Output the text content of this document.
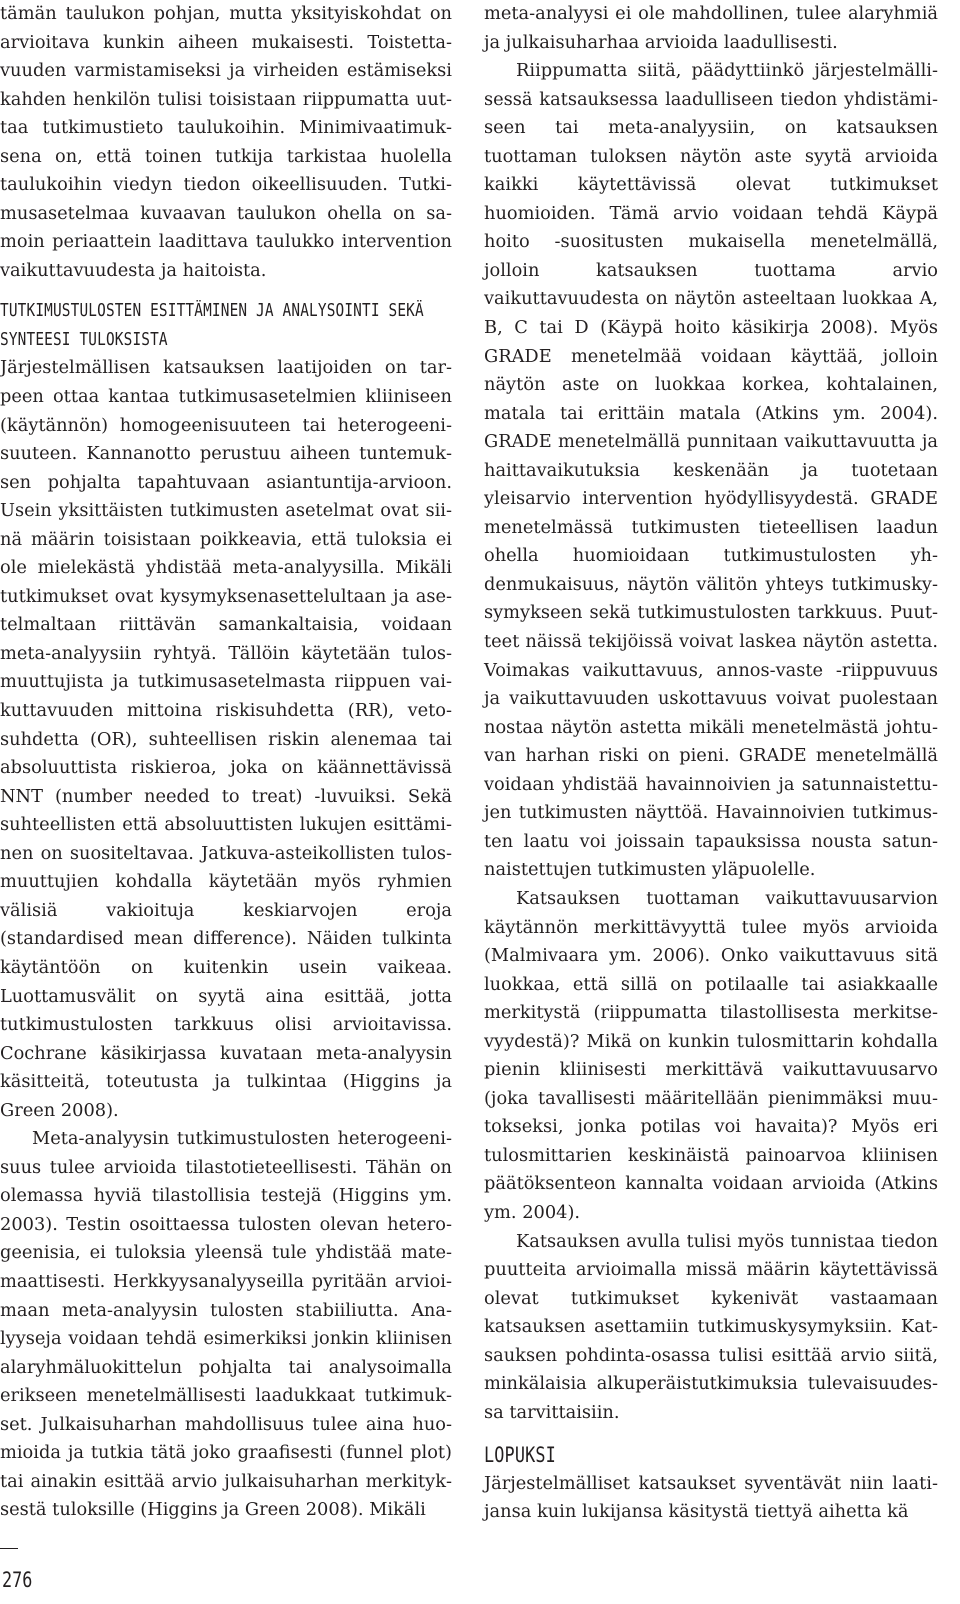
tämän taulukon pohjan, mutta yksityiskohdat on arvioitava kunkin aiheen mukaisesti. Toistettavuuden varmistamiseksi ja virheiden estämiseksi kahden henkilön tulisi toisistaan riippumatta uuttaa tutkimustieto taulukoihin. Minimivaatimuksena on, että toinen tutkija tarkistaa huolella taulukoihin viedyn tiedon oikeellisuuden. Tutkimusasetelmaa kuvaavan taulukon ohella on samoin periaattein laadittava taulukko intervention vaikuttavuudesta ja haitoista.

TUTKIMUSTULOSTEN ESITTÄMINEN JA ANALYSOINTI SEKÄ SYNTEESI TULOKSISTA

Järjestelmällisen katsauksen laatijoiden on tarpeen ottaa kantaa tutkimusasetelmien kliiniseen (käytännön) homogeenisuuteen tai heterogeenisuuteen. Kannanotto perustuu aiheen tuntemuksen pohjalta tapahtuvaan asiantuntija-arvioon. Usein yksittäisten tutkimusten asetelmat ovat siinä määrin toisistaan poikkeavia, että tuloksia ei ole mielekästä yhdistää meta-analyysilla. Mikäli tutkimukset ovat kysymyksenasettelultaan ja asetelmaltaan riittävän samankaltaisia, voidaan meta-analyysiin ryhtyä. Tällöin käytetään tulosmuuttujista ja tutkimusasetelmasta riippuen vaikuttavuuden mittoina riskisuhdetta (RR), vetosuhdetta (OR), suhteellisen riskin alenemaa tai absoluuttista riskieroa, joka on käännettävissä NNT (number needed to treat) -luvuiksi. Sekä suhteellisten että absoluuttisten lukujen esittäminen on suositeltavaa. Jatkuva-asteikollisten tulosmuuttujien kohdalla käytetään myös ryhmien välisiä vakioituja keskiarvojen eroja (standardised mean difference). Näiden tulkinta käytäntöön on kuitenkin usein vaikeaa. Luottamusvälit on syytä aina esittää, jotta tutkimustulosten tarkkuus olisi arvioitavissa. Cochrane käsikirjassa kuvataan meta-analyysin käsitteitä, toteutusta ja tulkintaa (Higgins ja Green 2008).

Meta-analyysin tutkimustulosten heterogeenisuus tulee arvioida tilastotieteellisesti. Tähän on olemassa hyviä tilastollisia testejä (Higgins ym. 2003). Testin osoittaessa tulosten olevan heterogeenisia, ei tuloksia yleensä tule yhdistää matemaattisesti. Herkkyysanalyyseilla pyritään arvioimaan meta-analyysin tulosten stabiiliutta. Analyyseja voidaan tehdä esimerkiksi jonkin kliinisen alaryhmäluokittelun pohjalta tai analysoimalla erikseen menetelmällisesti laadukkaat tutkimukset. Julkaisuharhan mahdollisuus tulee aina huomioida ja tutkia tätä joko graafisesti (funnel plot) tai ainakin esittää arvio julkaisuharhan merkityksestä tuloksille (Higgins ja Green 2008). Mikäli

meta-analyysi ei ole mahdollinen, tulee alaryhmiä ja julkaisuharhaa arvioida laadullisesti.

Riippumatta siitä, päädyttiinkö järjestelmällisessä katsauksessa laadulliseen tiedon yhdistämiseen tai meta-analyysiin, on katsauksen tuottaman tuloksen näytön aste syytä arvioida kaikki käytettävissä olevat tutkimukset huomioiden. Tämä arvio voidaan tehdä Käypä hoito -suositusten mukaisella menetelmällä, jolloin katsauksen tuottama arvio vaikuttavuudesta on näytön asteeltaan luokkaa A, B, C tai D (Käypä hoito käsikirja 2008). Myös GRADE menetelmää voidaan käyttää, jolloin näytön aste on luokkaa korkea, kohtalainen, matala tai erittäin matala (Atkins ym. 2004). GRADE menetelmällä punnitaan vaikuttavuutta ja haittavaikutuksia keskenään ja tuotetaan yleisarvio intervention hyödyllisyydestä. GRADE menetelmässä tutkimusten tieteellisen laadun ohella huomioidaan tutkimustulosten yhdenmukaisuus, näytön välitön yhteys tutkimuskysymykseen sekä tutkimustulosten tarkkuus. Puutteet näissä tekijöissä voivat laskea näytön astetta. Voimakas vaikuttavuus, annos-vaste -riippuvuus ja vaikuttavuuden uskottavuus voivat puolestaan nostaa näytön astetta mikäli menetelmästä johtuvan harhan riski on pieni. GRADE menetelmällä voidaan yhdistää havainnoivien ja satunnaistettujen tutkimusten näyttöä. Havainnoivien tutkimusten laatu voi joissain tapauksissa nousta satunnaistettujen tutkimusten yläpuolelle.

Katsauksen tuottaman vaikuttavuusarvion käytännön merkittävyyttä tulee myös arvioida (Malmivaara ym. 2006). Onko vaikuttavuus sitä luokkaa, että sillä on potilaalle tai asiakkaalle merkitystä (riippumatta tilastollisesta merkitsevyydestä)? Mikä on kunkin tulosmittarin kohdalla pienin kliinisesti merkittävä vaikuttavuusarvo (joka tavallisesti määritellään pienimmäksi muutokseksi, jonka potilas voi havaita)? Myös eri tulosmittarien keskinäistä painoarvoa kliinisen päätöksenteon kannalta voidaan arvioida (Atkins ym. 2004).

Katsauksen avulla tulisi myös tunnistaa tiedon puutteita arvioimalla missä määrin käytettävissä olevat tutkimukset kykenivät vastaamaan katsauksen asettamiin tutkimuskysymyksiin. Katsauksen pohdinta-osassa tulisi esittää arvio siitä, minkälaisia alkuperäistutkimuksia tulevaisuudessa tarvittaisiin.

LOPUKSI

Järjestelmälliset katsaukset syventävät niin laatijansa kuin lukijansa käsitystä tiettyä aihetta kä

276
